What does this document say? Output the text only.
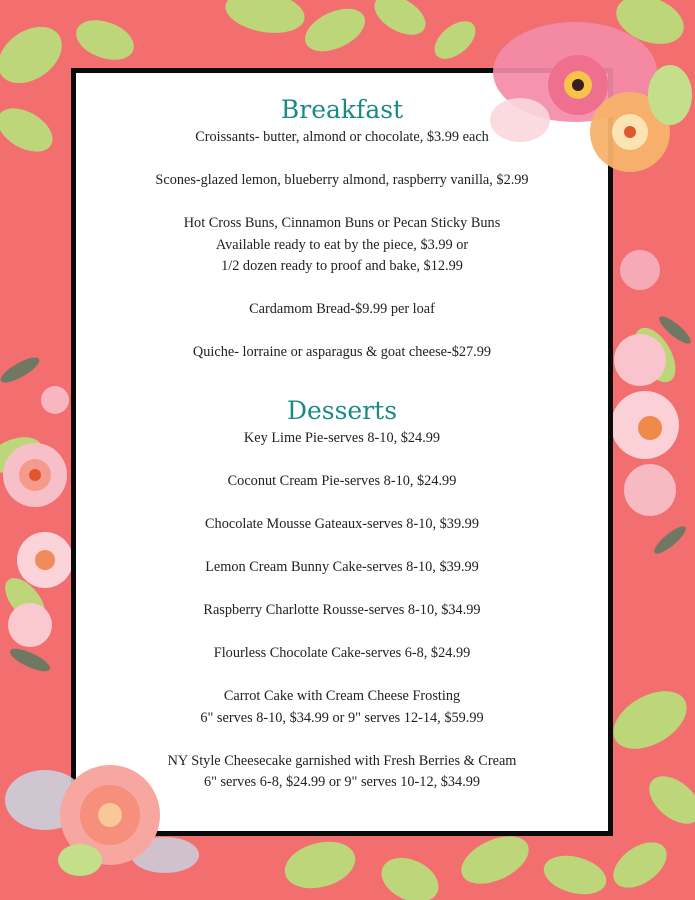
Breakfast
Croissants- butter, almond or chocolate, $3.99 each
Scones-glazed lemon, blueberry almond, raspberry vanilla, $2.99
Hot Cross Buns, Cinnamon Buns or Pecan Sticky Buns
Available ready to eat by the piece, $3.99 or
1/2 dozen ready to proof and bake, $12.99
Cardamom Bread-$9.99 per loaf
Quiche- lorraine or asparagus & goat cheese-$27.99
Desserts
Key Lime Pie-serves 8-10, $24.99
Coconut Cream Pie-serves 8-10, $24.99
Chocolate Mousse Gateaux-serves 8-10, $39.99
Lemon Cream Bunny Cake-serves 8-10, $39.99
Raspberry Charlotte Rousse-serves 8-10, $34.99
Flourless Chocolate Cake-serves 6-8, $24.99
Carrot Cake with Cream Cheese Frosting
6" serves 8-10, $34.99 or 9" serves 12-14, $59.99
NY Style Cheesecake garnished with Fresh Berries & Cream
6" serves 6-8, $24.99 or 9" serves 10-12, $34.99
